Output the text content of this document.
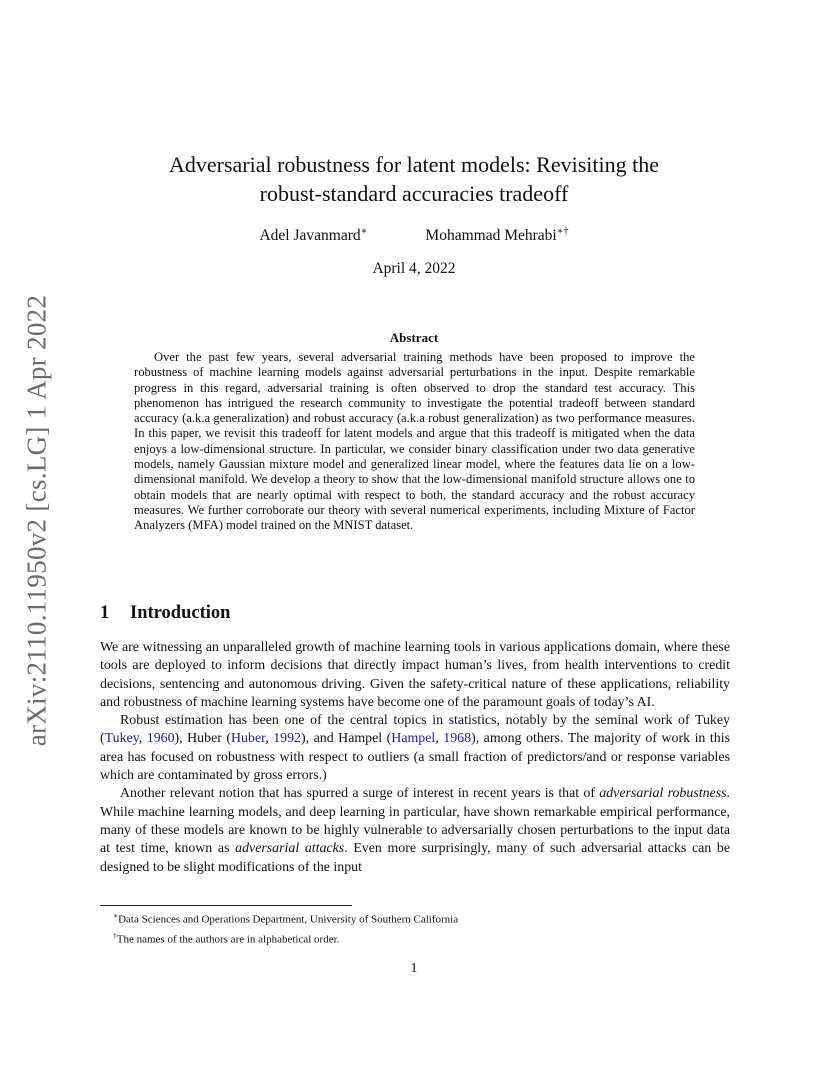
arXiv:2110.11950v2 [cs.LG] 1 Apr 2022
Adversarial robustness for latent models: Revisiting the
robust-standard accuracies tradeoff
Adel Javanmard∗	Mohammad Mehrabi∗†
April 4, 2022
Abstract

Over the past few years, several adversarial training methods have been proposed to improve the robustness of machine learning models against adversarial perturbations in the input. Despite remarkable progress in this regard, adversarial training is often observed to drop the standard test accuracy. This phenomenon has intrigued the research community to investigate the potential tradeoff between standard accuracy (a.k.a generalization) and robust accuracy (a.k.a robust generalization) as two performance measures. In this paper, we revisit this tradeoff for latent models and argue that this tradeoff is mitigated when the data enjoys a low-dimensional structure. In particular, we consider binary classification under two data generative models, namely Gaussian mixture model and generalized linear model, where the features data lie on a low-dimensional manifold. We develop a theory to show that the low-dimensional manifold structure allows one to obtain models that are nearly optimal with respect to both, the standard accuracy and the robust accuracy measures. We further corroborate our theory with several numerical experiments, including Mixture of Factor Analyzers (MFA) model trained on the MNIST dataset.

1 Introduction

We are witnessing an unparalleled growth of machine learning tools in various applications domain, where these tools are deployed to inform decisions that directly impact human’s lives, from health interventions to credit decisions, sentencing and autonomous driving. Given the safety-critical nature of these applications, reliability and robustness of machine learning systems have become one of the paramount goals of today’s AI.

Robust estimation has been one of the central topics in statistics, notably by the seminal work of Tukey (Tukey, 1960), Huber (Huber, 1992), and Hampel (Hampel, 1968), among others. The majority of work in this area has focused on robustness with respect to outliers (a small fraction of predictors/and or response variables which are contaminated by gross errors.)

Another relevant notion that has spurred a surge of interest in recent years is that of adversarial robustness. While machine learning models, and deep learning in particular, have shown remarkable empirical performance, many of these models are known to be highly vulnerable to adversarially chosen perturbations to the input data at test time, known as adversarial attacks. Even more surprisingly, many of such adversarial attacks can be designed to be slight modifications of the input

∗Data Sciences and Operations Department, University of Southern California
†The names of the authors are in alphabetical order.
1
